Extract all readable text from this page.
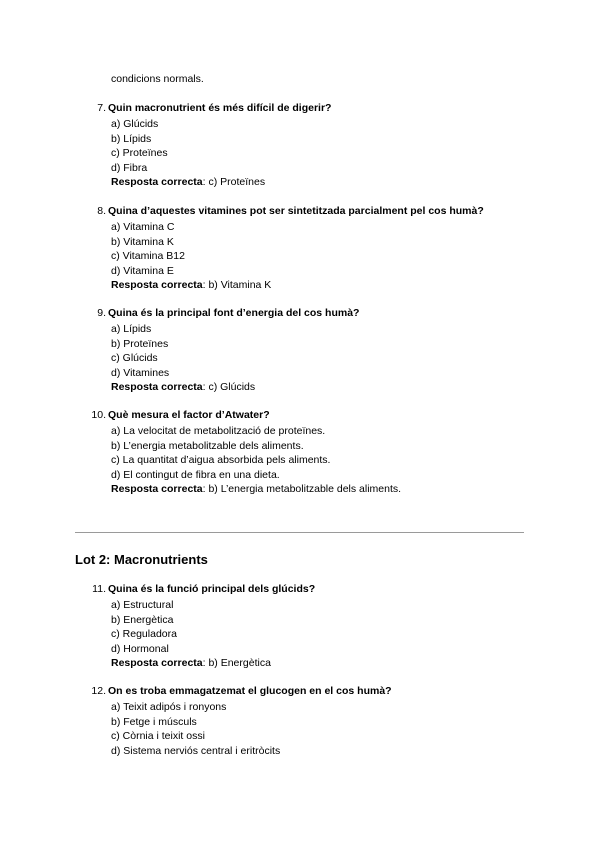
condicions normals.
7. Quin macronutrient és més difícil de digerir?
a) Glúcids
b) Lípids
c) Proteïnes
d) Fibra
Resposta correcta: c) Proteïnes
8. Quina d’aquestes vitamines pot ser sintetitzada parcialment pel cos humà?
a) Vitamina C
b) Vitamina K
c) Vitamina B12
d) Vitamina E
Resposta correcta: b) Vitamina K
9. Quina és la principal font d’energia del cos humà?
a) Lípids
b) Proteïnes
c) Glúcids
d) Vitamines
Resposta correcta: c) Glúcids
10. Què mesura el factor d’Atwater?
a) La velocitat de metabolització de proteïnes.
b) L’energia metabolitzable dels aliments.
c) La quantitat d’aigua absorbida pels aliments.
d) El contingut de fibra en una dieta.
Resposta correcta: b) L’energia metabolitzable dels aliments.
Lot 2: Macronutrients
11. Quina és la funció principal dels glúcids?
a) Estructural
b) Energètica
c) Reguladora
d) Hormonal
Resposta correcta: b) Energètica
12. On es troba emmagatzemat el glucogen en el cos humà?
a) Teixit adipós i ronyons
b) Fetge i músculs
c) Còrnia i teixit ossi
d) Sistema nerviós central i eritròcits
